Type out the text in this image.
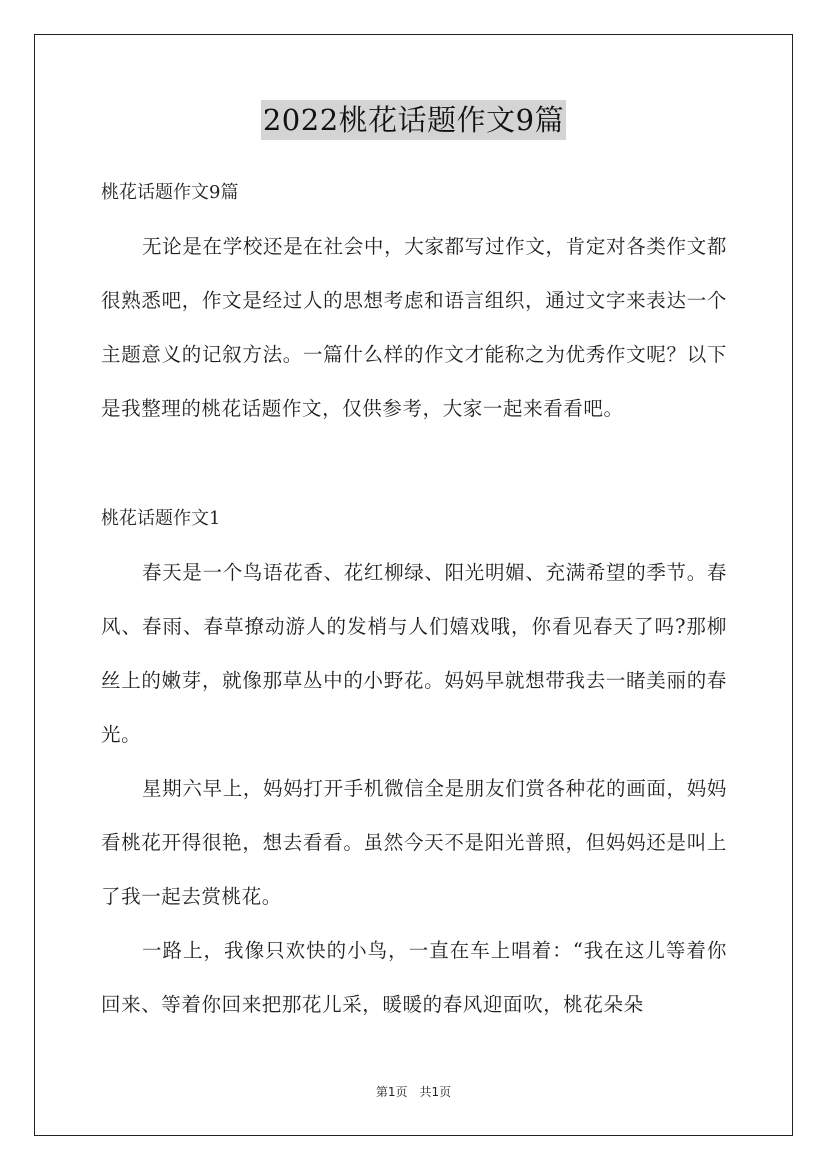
2022桃花话题作文9篇
桃花话题作文9篇

无论是在学校还是在社会中，大家都写过作文，肯定对各类作文都很熟悉吧，作文是经过人的思想考虑和语言组织，通过文字来表达一个主题意义的记叙方法。一篇什么样的作文才能称之为优秀作文呢？以下是我整理的桃花话题作文，仅供参考，大家一起来看看吧。

桃花话题作文1

春天是一个鸟语花香、花红柳绿、阳光明媚、充满希望的季节。春风、春雨、春草撩动游人的发梢与人们嬉戏哦，你看见春天了吗?那柳丝上的嫩芽，就像那草丛中的小野花。妈妈早就想带我去一睹美丽的春光。

星期六早上，妈妈打开手机微信全是朋友们赏各种花的画面，妈妈看桃花开得很艳，想去看看。虽然今天不是阳光普照，但妈妈还是叫上了我一起去赏桃花。

一路上，我像只欢快的小鸟，一直在车上唱着：“我在这儿等着你回来、等着你回来把那花儿采，暖暖的春风迎面吹，桃花朵朵

第1页 共1页
